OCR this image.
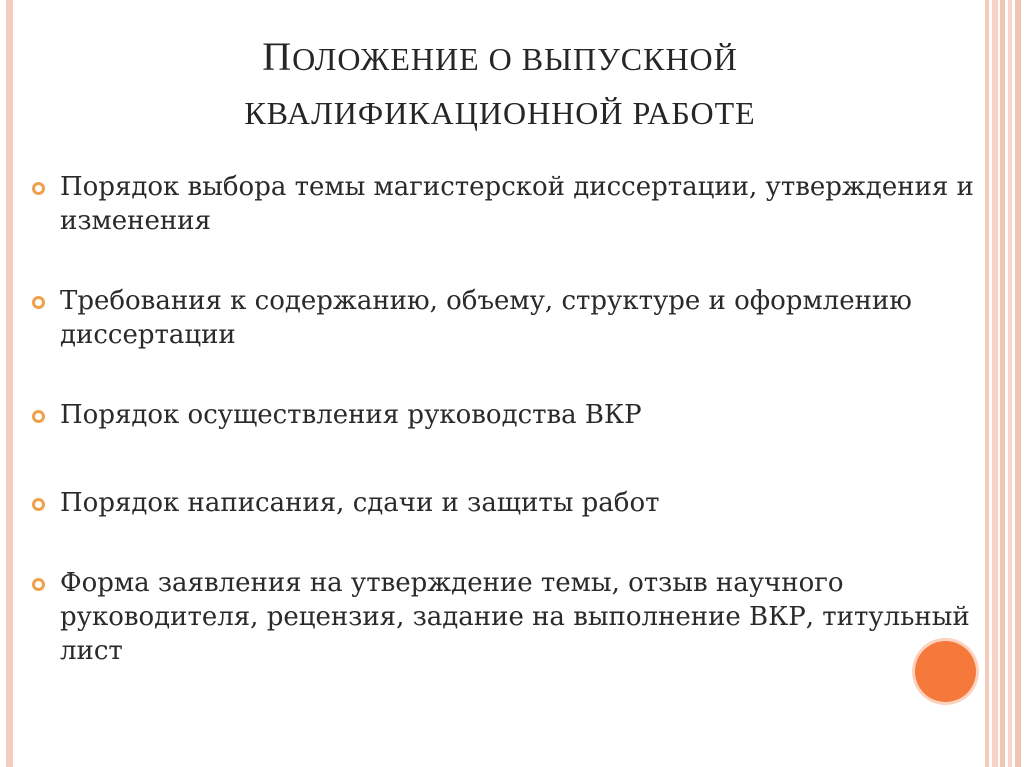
ПОЛОЖЕНИЕ О ВЫПУСКНОЙ
КВАЛИФИКАЦИОННОЙ РАБОТЕ
Порядок выбора темы магистерской диссертации, утверждения и изменения
Требования к содержанию, объему, структуре и оформлению диссертации
Порядок осуществления руководства ВКР
Порядок написания, сдачи и защиты работ
Форма заявления на утверждение темы, отзыв научного руководителя, рецензия, задание на выполнение ВКР, титульный лист
